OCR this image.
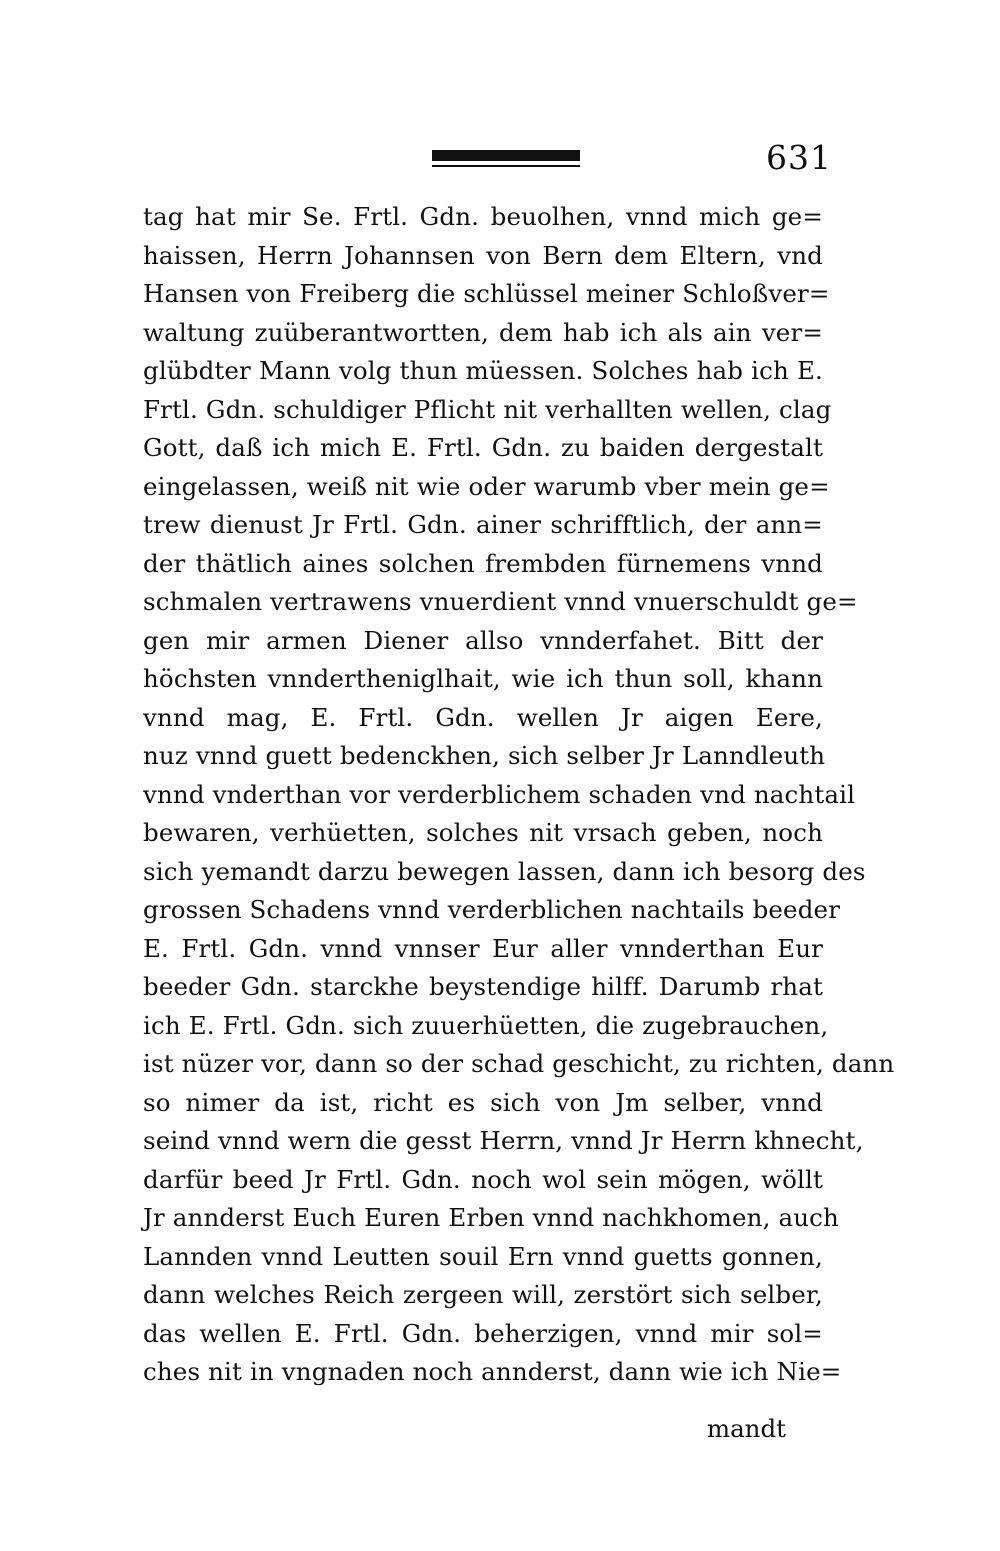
631
tag hat mir Se. Frtl. Gdn. beuolhen, vnnd mich ge=
haissen, Herrn Johannsen von Bern dem Eltern, vnd
Hansen von Freiberg die schlüssel meiner Schloßver=
waltung zuüberantwortten, dem hab ich als ain ver=
glübdter Mann volg thun müessen. Solches hab ich E.
Frtl. Gdn. schuldiger Pflicht nit verhallten wellen, clag
Gott, daß ich mich E. Frtl. Gdn. zu baiden dergestalt
eingelassen, weiß nit wie oder warumb vber mein ge=
trew dienust Jr Frtl. Gdn. ainer schrifftlich, der ann=
der thätlich aines solchen frembden fürnemens vnnd
schmalen vertrawens vnuerdient vnnd vnuerschuldt ge=
gen mir armen Diener allso vnnderfahet. Bitt der
höchsten vnndertheniglhait, wie ich thun soll, khann
vnnd mag, E. Frtl. Gdn. wellen Jr aigen Eere,
nuz vnnd guett bedenckhen, sich selber Jr Lanndleuth
vnnd vnderthan vor verderblichem schaden vnd nachtail
bewaren, verhüetten, solches nit vrsach geben, noch
sich yemandt darzu bewegen lassen, dann ich besorg des
grossen Schadens vnnd verderblichen nachtails beeder
E. Frtl. Gdn. vnnd vnnser Eur aller vnnderthan Eur
beeder Gdn. starckhe beystendige hilff. Darumb rhat
ich E. Frtl. Gdn. sich zuuerhüetten, die zugebrauchen,
ist nüzer vor, dann so der schad geschicht, zu richten, dann
so nimer da ist, richt es sich von Jm selber, vnnd
seind vnnd wern die gesst Herrn, vnnd Jr Herrn khnecht,
darfür beed Jr Frtl. Gdn. noch wol sein mögen, wöllt
Jr annderst Euch Euren Erben vnnd nachkhomen, auch
Lannden vnnd Leutten souil Ern vnnd guetts gonnen,
dann welches Reich zergeen will, zerstört sich selber,
das wellen E. Frtl. Gdn. beherzigen, vnnd mir sol=
ches nit in vngnaden noch annderst, dann wie ich Nie=
mandt
